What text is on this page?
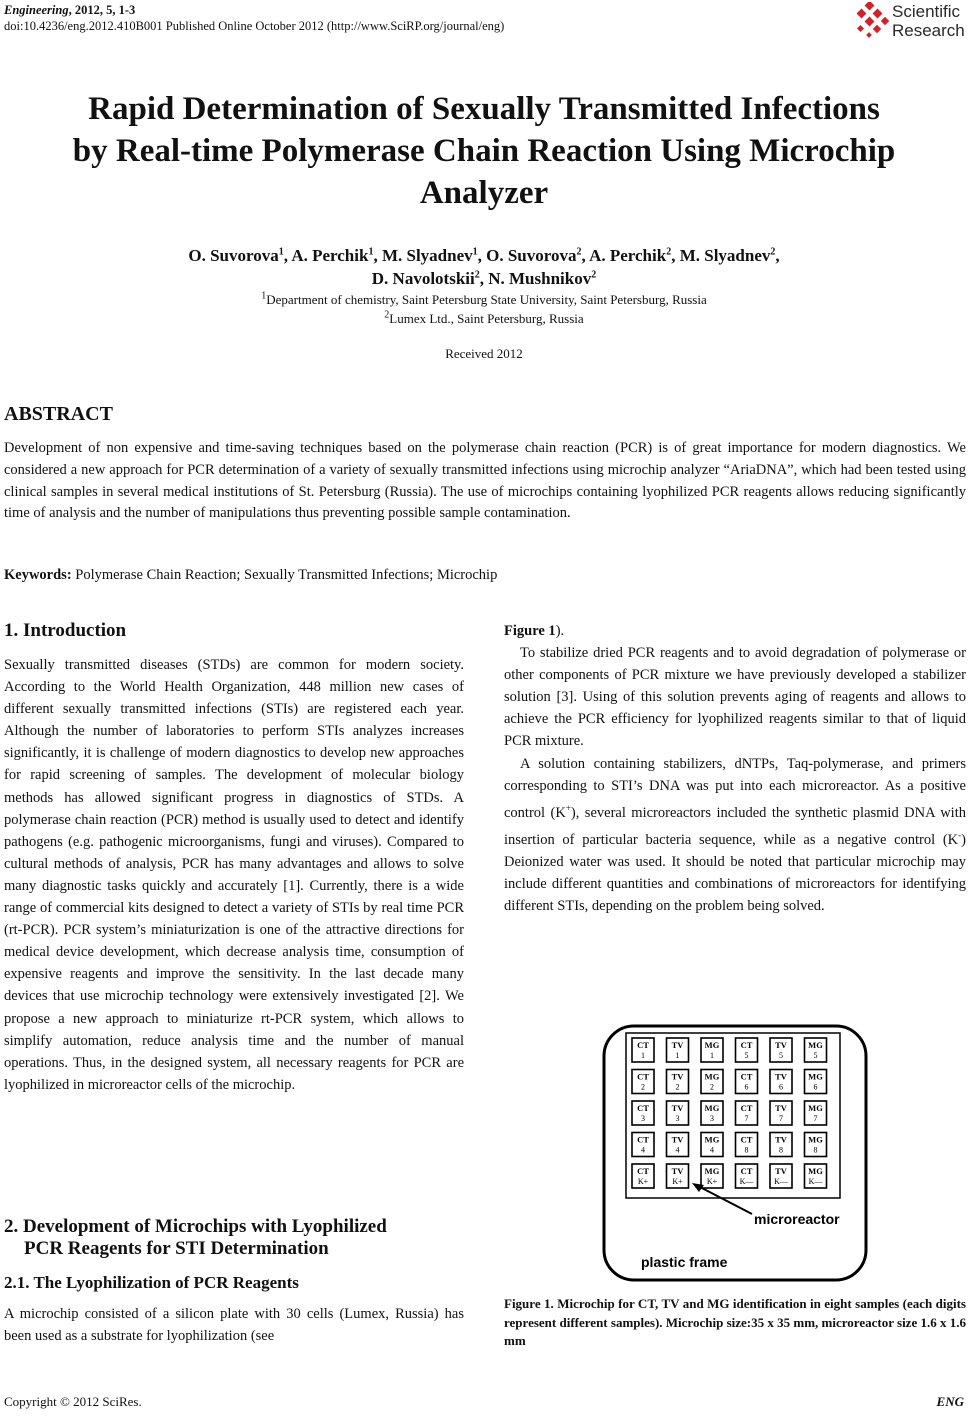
Engineering, 2012, 5, 1-3
doi:10.4236/eng.2012.410B001 Published Online October 2012 (http://www.SciRP.org/journal/eng)
Scientific
Research
Rapid Determination of Sexually Transmitted Infections
by Real-time Polymerase Chain Reaction Using Microchip
Analyzer
O. Suvorova$^1$, A. Perchik$^1$, M. Slyadnev$^1$, O. Suvorova$^2$, A. Perchik$^2$, M. Slyadnev$^2$,
D. Navolotskii$^2$, N. Mushnikov$^2$
$^1$Department of chemistry, Saint Petersburg State University, Saint Petersburg, Russia
$^2$Lumex Ltd., Saint Petersburg, Russia
Received 2012
ABSTRACT
Development of non expensive and time-saving techniques based on the polymerase chain reaction (PCR) is of great importance for modern diagnostics. We considered a new approach for PCR determination of a variety of sexually transmitted infections using microchip analyzer “AriaDNA”, which had been tested using clinical samples in several medical institutions of St. Petersburg (Russia). The use of microchips containing lyophilized PCR reagents allows reducing significantly time of analysis and the number of manipulations thus preventing possible sample contamination.
Keywords: Polymerase Chain Reaction; Sexually Transmitted Infections; Microchip
1. Introduction

Sexually transmitted diseases (STDs) are common for modern society. According to the World Health Organization, 448 million new cases of different sexually transmitted infections (STIs) are registered each year. Although the number of laboratories to perform STIs analyzes increases significantly, it is challenge of modern diagnostics to develop new approaches for rapid screening of samples. The development of molecular biology methods has allowed significant progress in diagnostics of STDs. A polymerase chain reaction (PCR) method is usually used to detect and identify pathogens (e.g. pathogenic microorganisms, fungi and viruses). Compared to cultural methods of analysis, PCR has many advantages and allows to solve many diagnostic tasks quickly and accurately [1]. Currently, there is a wide range of commercial kits designed to detect a variety of STIs by real time PCR (rt-PCR). PCR system’s miniaturization is one of the attractive directions for medical device development, which decrease analysis time, consumption of expensive reagents and improve the sensitivity. In the last decade many devices that use microchip technology were extensively investigated [2]. We propose a new approach to miniaturize rt-PCR system, which allows to simplify automation, reduce analysis time and the number of manual operations. Thus, in the designed system, all necessary reagents for PCR are lyophilized in microreactor cells of the microchip.

2. Development of Microchips with Lyophilized
PCR Reagents for STI Determination
2.1. The Lyophilization of PCR Reagents

A microchip consisted of a silicon plate with 30 cells (Lumex, Russia) has been used as a substrate for lyophilization (see

Figure 1).

To stabilize dried PCR reagents and to avoid degradation of polymerase or other components of PCR mixture we have previously developed a stabilizer solution [3]. Using of this solution prevents aging of reagents and allows to achieve the PCR efficiency for lyophilized reagents similar to that of liquid PCR mixture.

A solution containing stabilizers, dNTPs, Taq-polymerase, and primers corresponding to STI’s DNA was put into each microreactor. As a positive control (K+), several microreactors included the synthetic plasmid DNA with insertion of particular bacteria sequence, while as a negative control (K-) Deionized water was used. It should be noted that particular microchip may include different quantities and combinations of microreactors for identifying different STIs, depending on the problem being solved.

CT
1
TV
1
MG
1
CT
5
TV
5
MG
5
CT
2
TV
2
MG
2
CT
6
TV
6
MG
6
CT
3
TV
3
MG
3
CT
7
TV
7
MG
7
CT
4
TV
4
MG
4
CT
8
TV
8
MG
8
CT
K+
TV
K+
MG
K+
CT
K—
TV
K—
MG
K—
microreactor
plastic frame
Figure 1. Microchip for CT, TV and MG identification in eight samples (each digits represent different samples). Microchip size:35 x 35 mm, microreactor size 1.6 x 1.6 mm
Copyright © 2012 SciRes.	ENG
